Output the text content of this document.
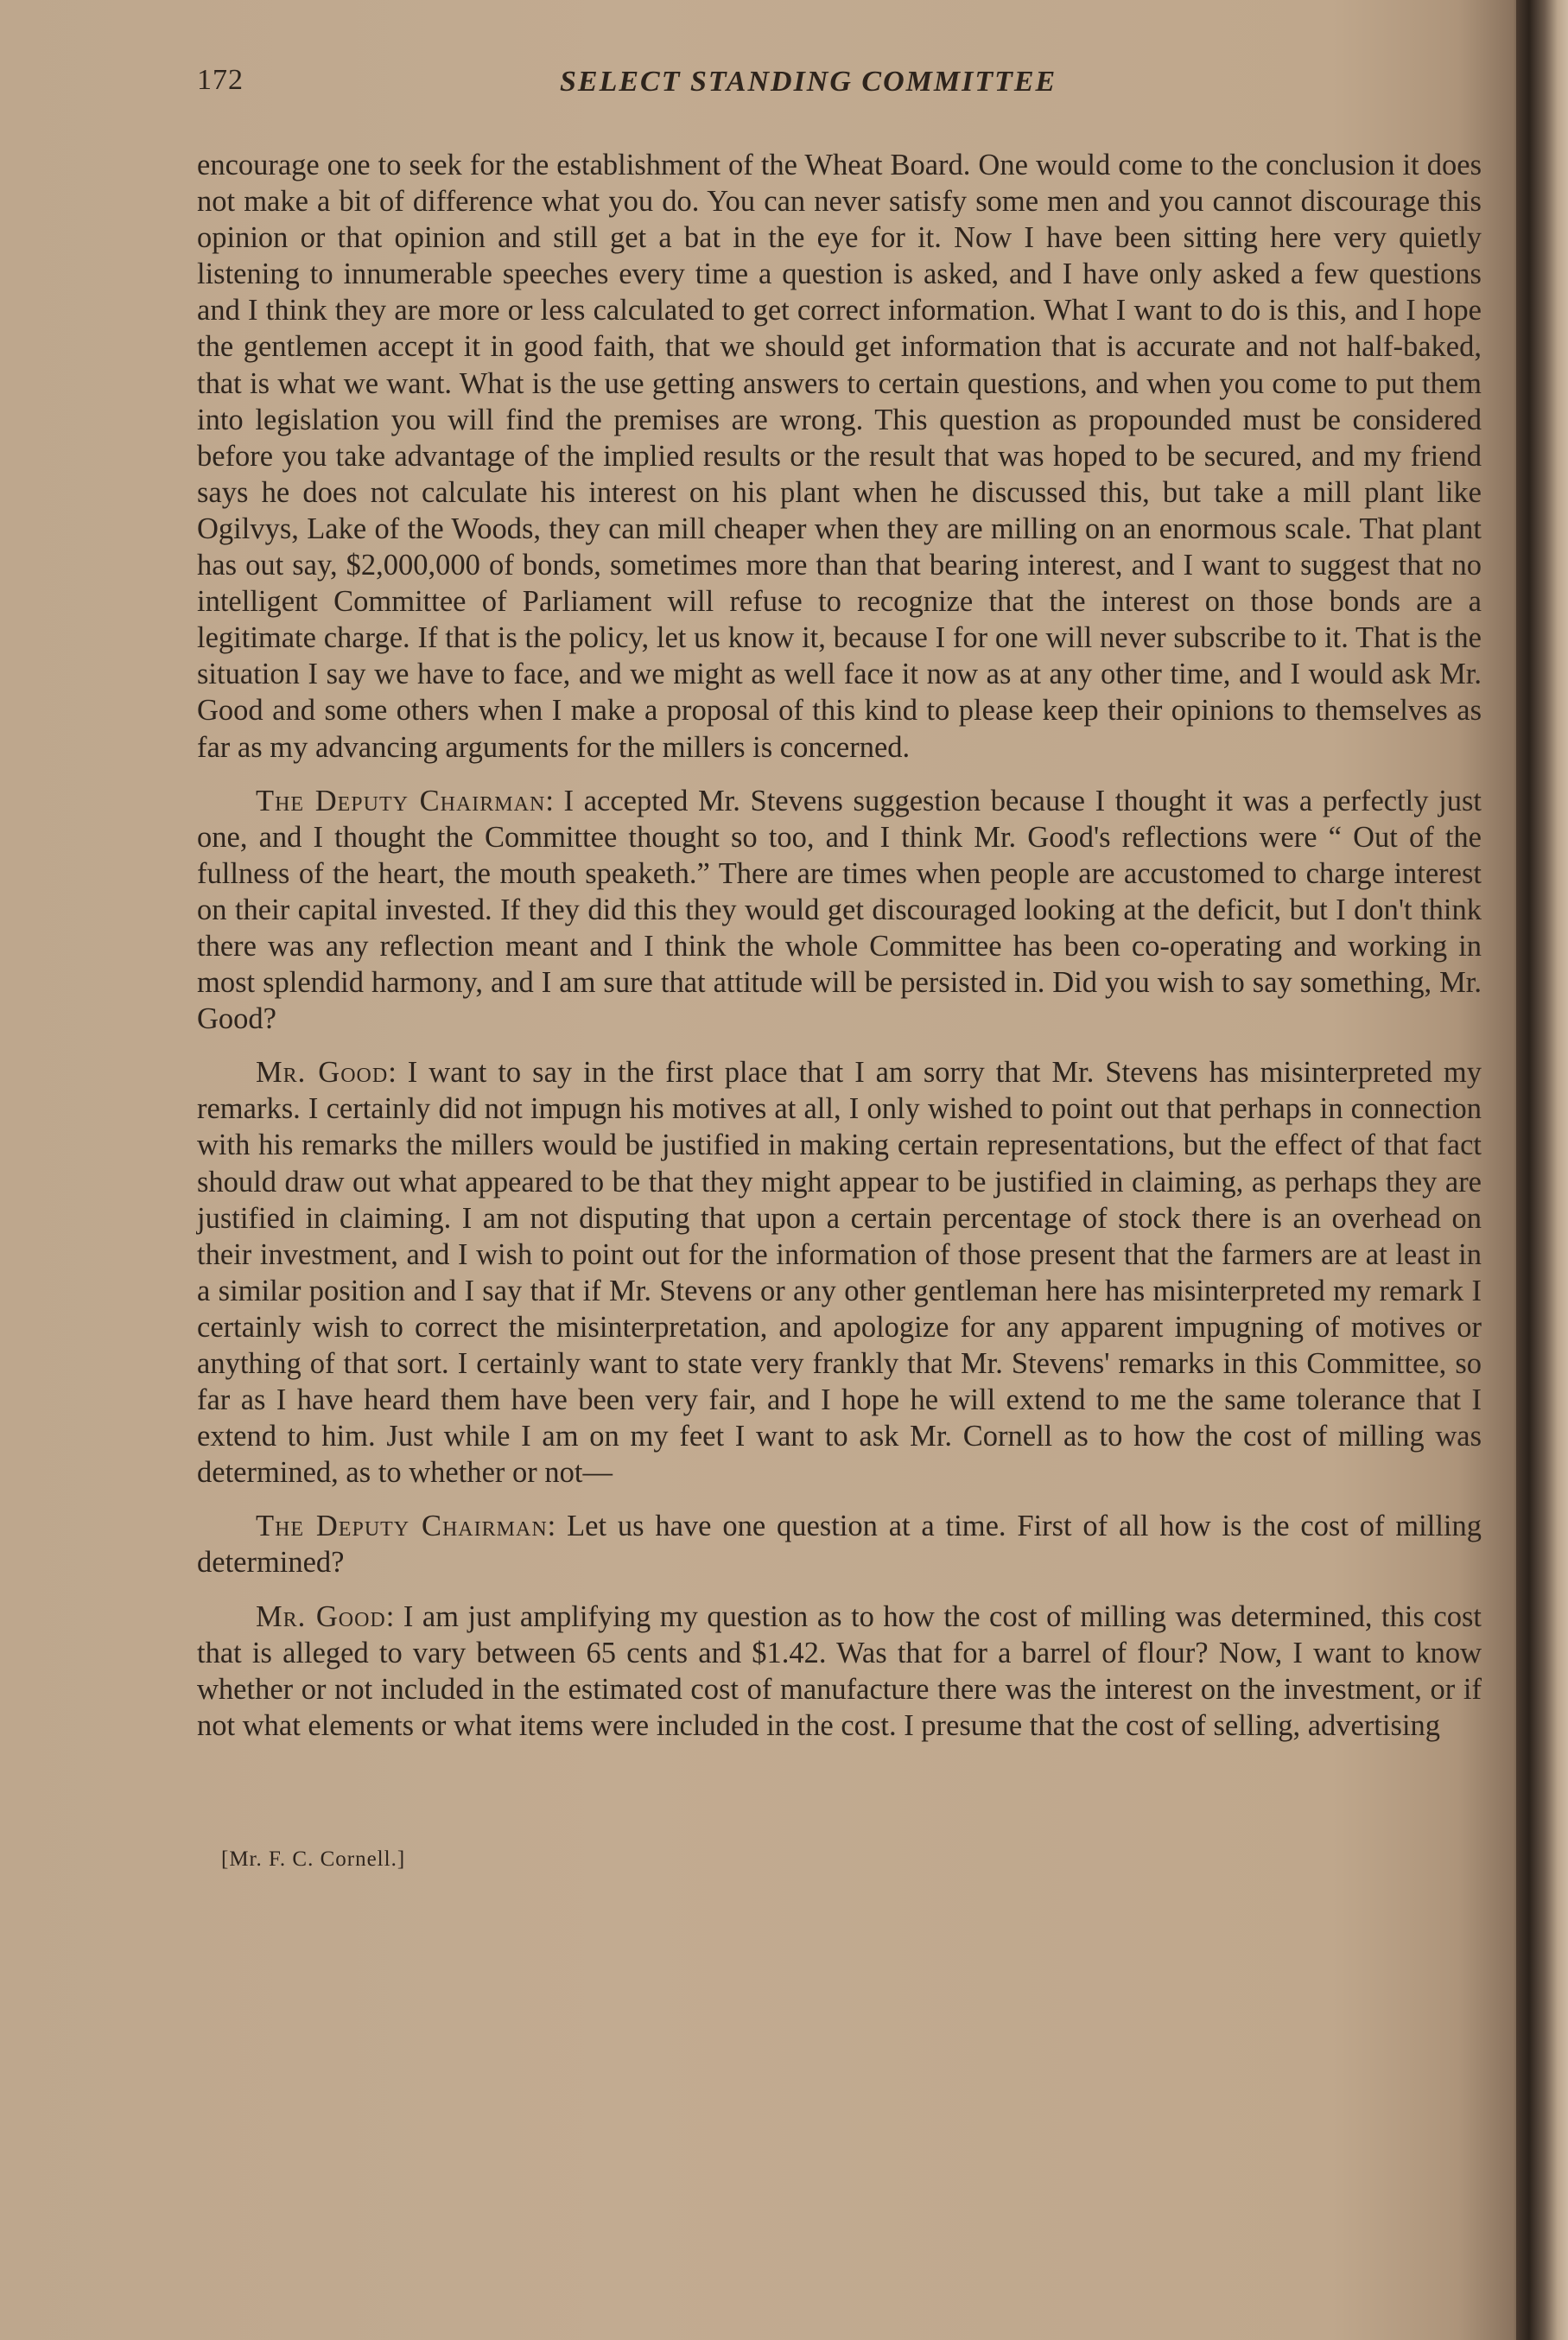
172	SELECT STANDING COMMITTEE

encourage one to seek for the establishment of the Wheat Board. One would come to the conclusion it does not make a bit of difference what you do. You can never satisfy some men and you cannot discourage this opinion or that opinion and still get a bat in the eye for it. Now I have been sitting here very quietly listening to innumerable speeches every time a question is asked, and I have only asked a few questions and I think they are more or less calculated to get correct information. What I want to do is this, and I hope the gentlemen accept it in good faith, that we should get information that is accurate and not half-baked, that is what we want. What is the use getting answers to certain questions, and when you come to put them into legislation you will find the premises are wrong. This question as propounded must be considered before you take advantage of the implied results or the result that was hoped to be secured, and my friend says he does not calculate his interest on his plant when he discussed this, but take a mill plant like Ogilvys, Lake of the Woods, they can mill cheaper when they are milling on an enormous scale. That plant has out say, $2,000,000 of bonds, sometimes more than that bearing interest, and I want to suggest that no intelligent Committee of Parliament will refuse to recognize that the interest on those bonds are a legitimate charge. If that is the policy, let us know it, because I for one will never subscribe to it. That is the situation I say we have to face, and we might as well face it now as at any other time, and I would ask Mr. Good and some others when I make a proposal of this kind to please keep their opinions to themselves as far as my advancing arguments for the millers is concerned.

The Deputy Chairman: I accepted Mr. Stevens suggestion because I thought it was a perfectly just one, and I thought the Committee thought so too, and I think Mr. Good's reflections were “ Out of the fullness of the heart, the mouth speaketh.” There are times when people are accustomed to charge interest on their capital invested. If they did this they would get discouraged looking at the deficit, but I don't think there was any reflection meant and I think the whole Committee has been co-operating and working in most splendid harmony, and I am sure that attitude will be persisted in. Did you wish to say something, Mr. Good?

Mr. Good: I want to say in the first place that I am sorry that Mr. Stevens has misinterpreted my remarks. I certainly did not impugn his motives at all, I only wished to point out that perhaps in connection with his remarks the millers would be justified in making certain representations, but the effect of that fact should draw out what appeared to be that they might appear to be justified in claiming, as perhaps they are justified in claiming. I am not disputing that upon a certain percentage of stock there is an overhead on their investment, and I wish to point out for the information of those present that the farmers are at least in a similar position and I say that if Mr. Stevens or any other gentleman here has misinterpreted my remark I certainly wish to correct the misinterpretation, and apologize for any apparent impugning of motives or anything of that sort. I certainly want to state very frankly that Mr. Stevens' remarks in this Committee, so far as I have heard them have been very fair, and I hope he will extend to me the same tolerance that I extend to him. Just while I am on my feet I want to ask Mr. Cornell as to how the cost of milling was determined, as to whether or not—

The Deputy Chairman: Let us have one question at a time. First of all how is the cost of milling determined?

Mr. Good: I am just amplifying my question as to how the cost of milling was determined, this cost that is alleged to vary between 65 cents and $1.42. Was that for a barrel of flour? Now, I want to know whether or not included in the estimated cost of manufacture there was the interest on the investment, or if not what elements or what items were included in the cost. I presume that the cost of selling, advertising

[Mr. F. C. Cornell.]
